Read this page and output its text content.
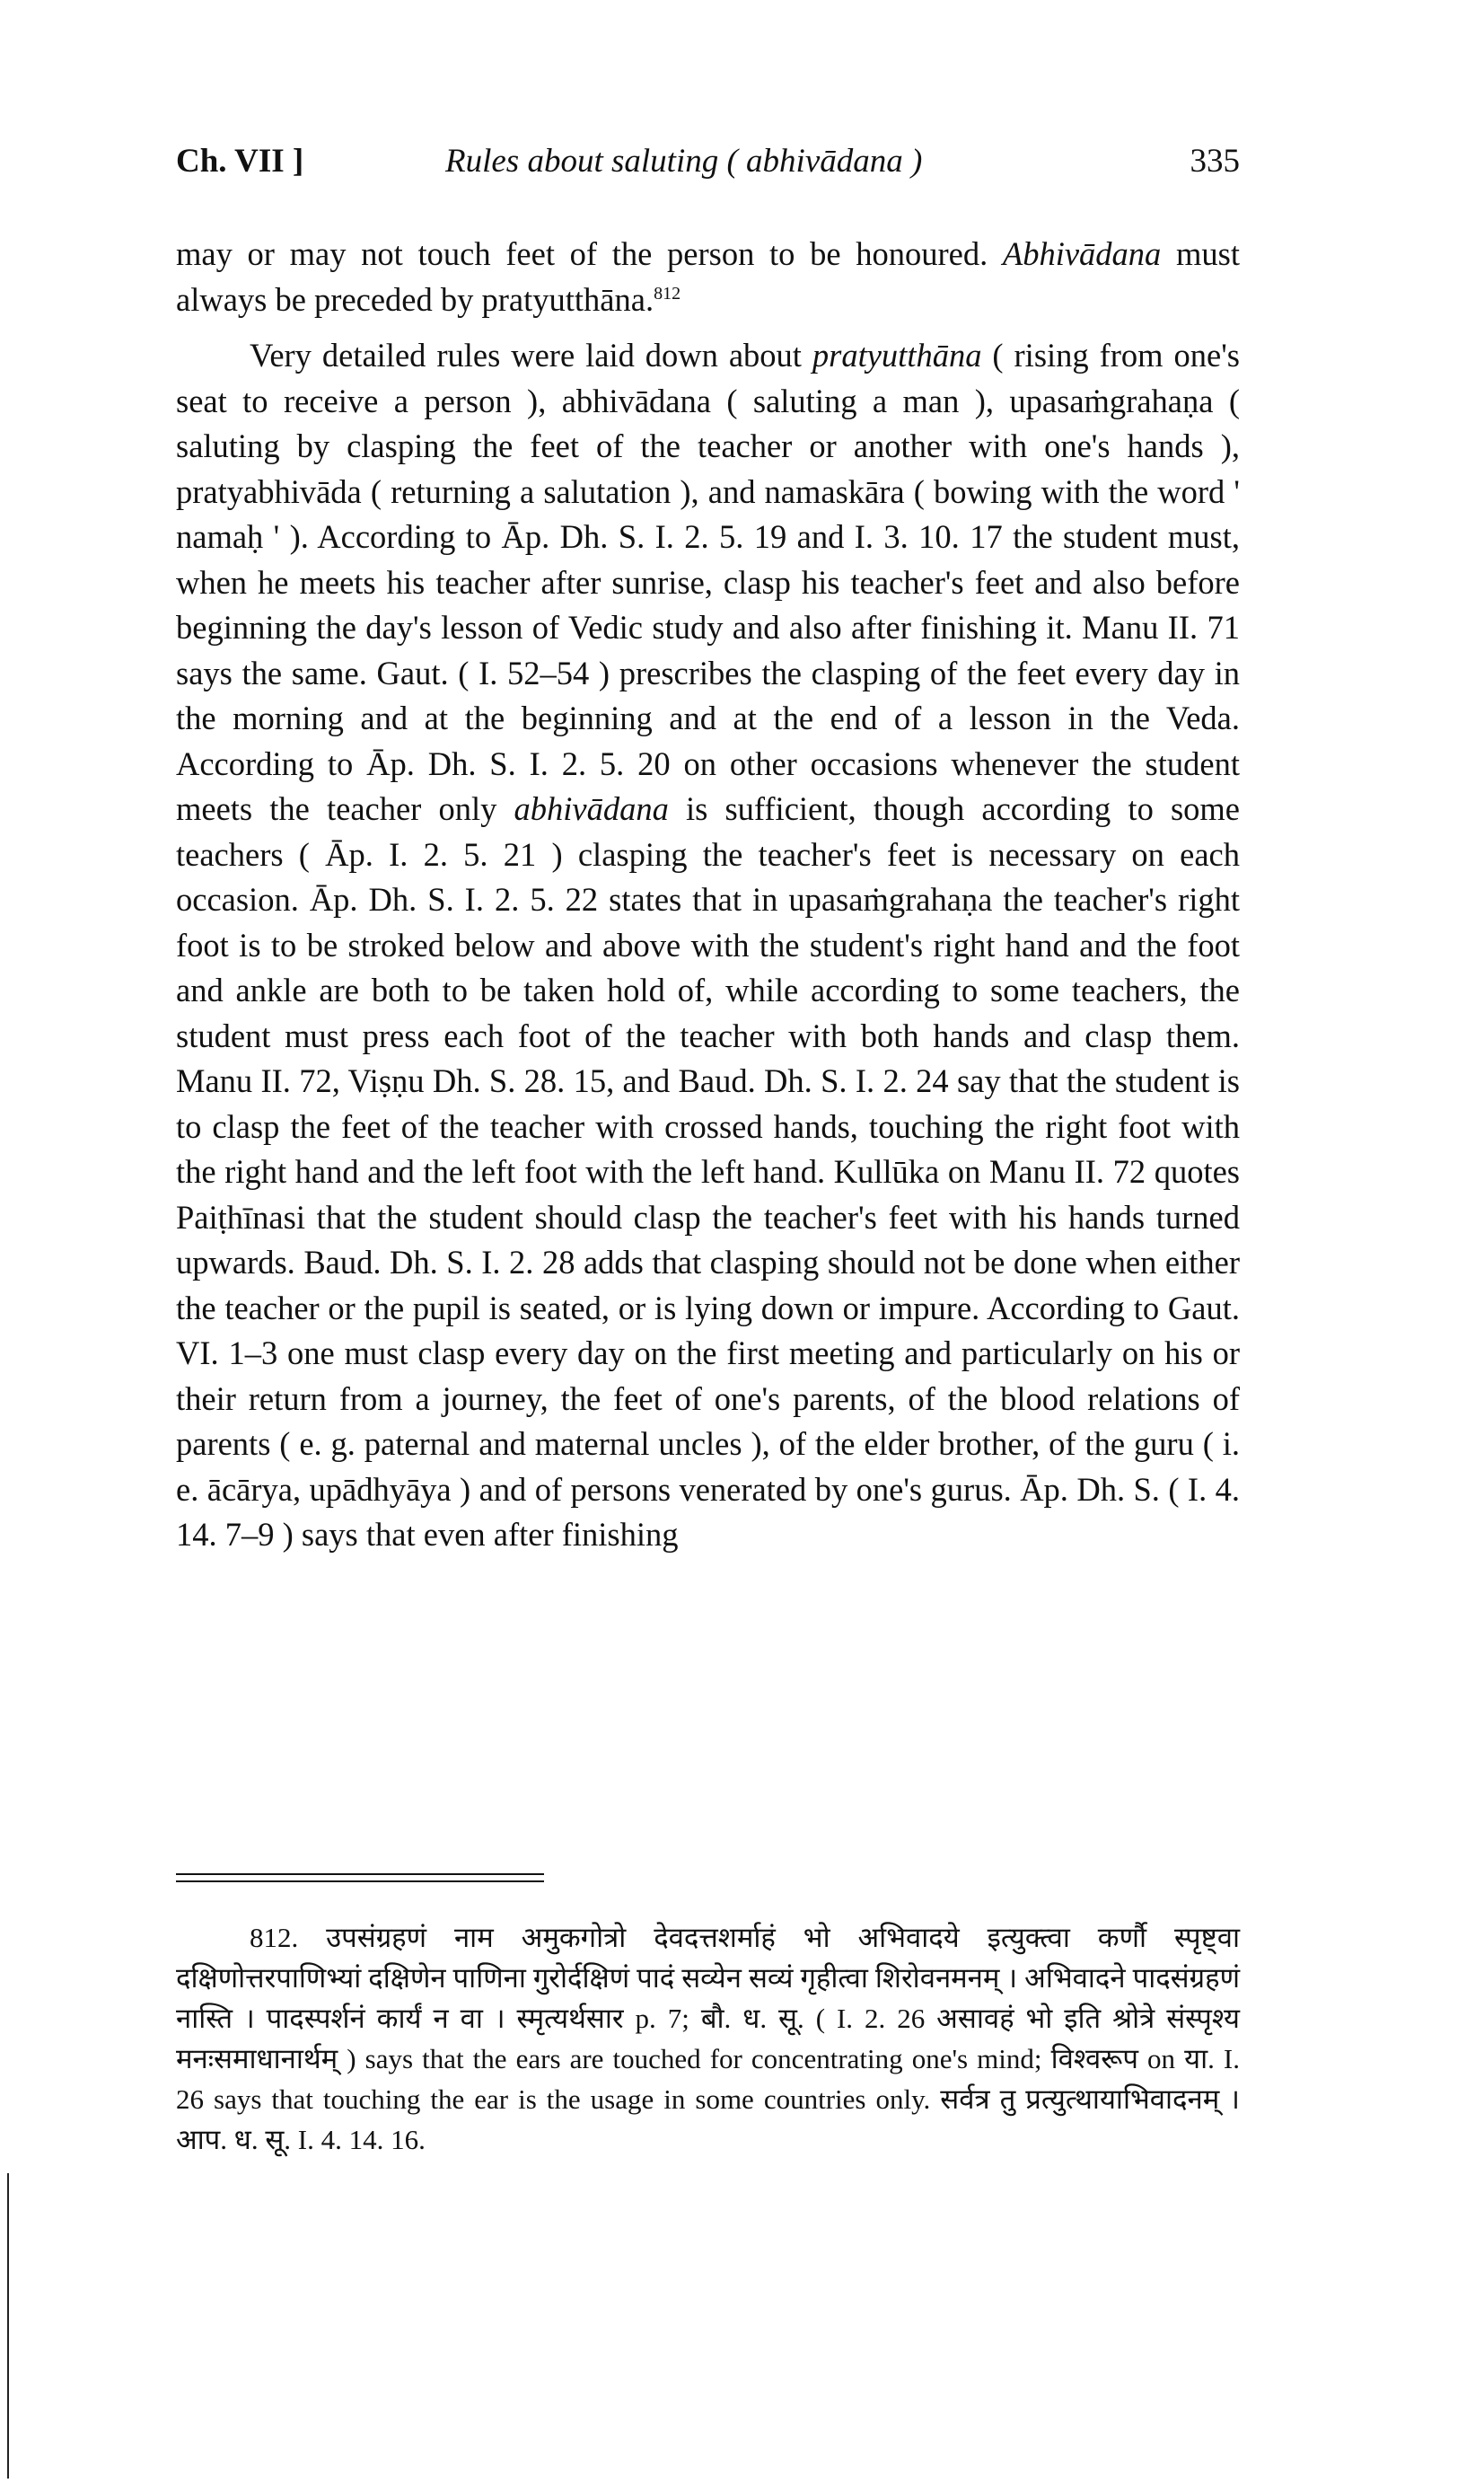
Ch. VII ]	Rules about saluting ( abhivādana )	335

may or may not touch feet of the person to be honoured. Abhivādana must always be preceded by pratyutthāna.$^{812}$

Very detailed rules were laid down about pratyutthāna ( rising from one's seat to receive a person ), abhivādana ( saluting a man ), upasaṁgrahaṇa ( saluting by clasping the feet of the teacher or another with one's hands ), pratyabhivāda ( returning a salutation ), and namaskāra ( bowing with the word ' namaḥ ' ). According to Āp. Dh. S. I. 2. 5. 19 and I. 3. 10. 17 the student must, when he meets his teacher after sunrise, clasp his teacher's feet and also before beginning the day's lesson of Vedic study and also after finishing it. Manu II. 71 says the same. Gaut. ( I. 52–54 ) prescribes the clasping of the feet every day in the morning and at the beginning and at the end of a lesson in the Veda. According to Āp. Dh. S. I. 2. 5. 20 on other occasions whenever the student meets the teacher only abhivādana is sufficient, though according to some teachers ( Āp. I. 2. 5. 21 ) clasping the teacher's feet is necessary on each occasion. Āp. Dh. S. I. 2. 5. 22 states that in upasaṁgrahaṇa the teacher's right foot is to be stroked below and above with the student's right hand and the foot and ankle are both to be taken hold of, while according to some teachers, the student must press each foot of the teacher with both hands and clasp them. Manu II. 72, Viṣṇu Dh. S. 28. 15, and Baud. Dh. S. I. 2. 24 say that the student is to clasp the feet of the teacher with crossed hands, touching the right foot with the right hand and the left foot with the left hand. Kullūka on Manu II. 72 quotes Paiṭhīnasi that the student should clasp the teacher's feet with his hands turned upwards. Baud. Dh. S. I. 2. 28 adds that clasping should not be done when either the teacher or the pupil is seated, or is lying down or impure. According to Gaut. VI. 1–3 one must clasp every day on the first meeting and particularly on his or their return from a journey, the feet of one's parents, of the blood relations of parents ( e. g. paternal and maternal uncles ), of the elder brother, of the guru ( i. e. ācārya, upādhyāya ) and of persons venerated by one's gurus. Āp. Dh. S. ( I. 4. 14. 7–9 ) says that even after finishing

812. उपसंग्रहणं नाम अमुकगोत्रो देवदत्तशर्माहं भो अभिवादये इत्युक्त्वा कर्णौ स्पृष्ट्वा दक्षिणोत्तरपाणिभ्यां दक्षिणेन पाणिना गुरोर्दक्षिणं पादं सव्येन सव्यं गृहीत्वा शिरोवनमनम् । अभिवादने पादसंग्रहणं नास्ति । पादस्पर्शनं कार्यं न वा । स्मृत्यर्थसार p. 7; बौ. ध. सू. ( I. 2. 26 असावहं भो इति श्रोत्रे संस्पृश्य मनःसमाधानार्थम् ) says that the ears are touched for concentrating one's mind; विश्वरूप on या. I. 26 says that touching the ear is the usage in some countries only. सर्वत्र तु प्रत्युत्थायाभिवादनम् । आप. ध. सू. I. 4. 14. 16.
